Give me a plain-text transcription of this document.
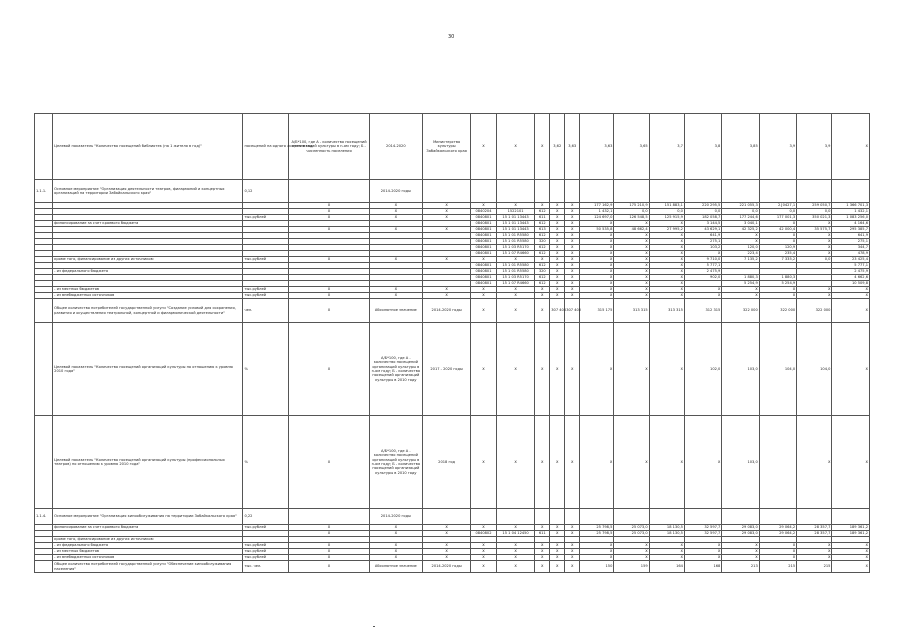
30
	Целевой показатель "Количество посещений библиотек (на 1 жителя в год)"	посещений на одного жителя в год	A/Б*100, где А - количество посещений организаций культуры в n-ом году; Б - численность населения	2014-2020	Министерство культуры Забайкальского края	Х	Х	Х	3,62	3,63	3,63	3,65	3,7	3,8	3,85	3,9	3,9	Х
1.1.1.	Основное мероприятие "Организация деятельности театров, филармоний и концертных организаций на территории Забайкальского края"	0,12		2014-2020 годы														
			Х	Х	Х	Х	Х	Х	Х	Х	177 162,9	175 210,9	151 883,1	220 295,5	221 055,3	2{0427,1	259 050,7	1 366 701,3
			Х	Х	Х	0840204	1522101	612	Х	Х	1 432,1	0,0	0,0	0,0	0,0	0,0	0,0	1 432,1
		тыс.рублей	Х	Х	Х	0840801	15 1 01 13443	611	Х	Х	124 697,0	126 548,5	125 915,9	182 058,7	177 244,6	177 001,3	350 021,3	1 083 256,0
	финансирование за счет краевого бюджета					0840801	15 1 01 13443	612	Х	Х	Х	Х	Х	3 144,5	3 040,1	Х	Х	4 164,6
			Х	Х	Х	0840801	15 1 01 13443	613	Х	Х	50 535,8	48 662,4	27 995,2	43 629,1	42 325,2	42 000,4	35 575,7	295 385,7
						0840801	15 1 01 R5580	612	Х	Х	Х	Х	Х	641,9	Х	Х	Х	641,9
						0840801	15 1 01 R5580	320	Х	Х	Х	Х	Х	275,1	Х	Х	Х	275,1
						0840801	15 1 03 R5170	612	Х	Х	Х	Х	Х	103,2	120,0	120,9	Х	344,7
						0840801	15 1 07 R4660	612	Х	Х	Х	Х	Х	Х	223,4	235,4	Х	478,9
	кроме того, финансирование из других источников:	тыс.рублей	Х	Х	Х	Х	Х	Х	Х	Х	Х	Х	Х	9 710,0	7 135,2	7 335,2	0,0	23 425,4
						0840801	15 1 01 R5580	612	Х	Х	Х	Х	Х	5 777,1				5 777,1
	- из федерального бюджета					0840801	15 1 01 R5580	320	Х	Х	Х	Х	Х	2 475,9				2 475,9
						0840801	15 1 03 R5170	612	Х	Х	Х	Х	Х	902,0	1 880,3	1 880,3		4 662,6
						0840801	15 1 07 R4660	612	Х	Х	Х	Х	Х		5 254,9	5 254,9		10 509,8
	- из местных бюджетов	тыс.рублей	Х	Х	Х	Х	Х	Х	Х	Х	Х	Х	Х	Х	Х	Х	Х	Х
	- из внебюджетных источников	тыс.рублей	Х	Х	Х	Х	Х	Х	Х	Х	Х	Х	Х	Х	Х	Х	Х	Х
	Общее количество потребителей государственной услуги "Создание условий для сохранения, развития и осуществления театральной, концертной и филармонической деятельности"	чел.	Х	Абсолютное значение	2014-2020 годы	Х	Х	Х	307 400	307 400	315 175	313 315	313 315	312 315	322 000	322 000	322 000	Х
	Целевой показатель "Количество посещений организаций культуры по отношению к уровню 2010 года"	%	Х	A/Б*100, где А - количество посещений организаций культуры в n-ом году; Б - количество посещений организаций культуры в 2010 году	2017 - 2020 годы	Х	Х	Х	Х	Х	Х	Х	Х	102,0	103,0	104,0	104,0	Х
	Целевой показатель "Количество посещений организаций культуры (профессиональных театров) по отношению к уровню 2010 года"	%	Х	A/Б*100, где А - количество посещений организаций культуры в n-ом году; Б - количество посещений организаций культуры в 2010 году	2018 год	Х	Х	Х	Х	Х	Х	Х	Х	Х	103,0		Х	Х
1.1.4.	Основное мероприятие "Организация кинообслуживания на территории Забайкальского края"	0,22		2014-2020 годы														
	финансирование за счет краевого бюджета	тыс.рублей	Х	Х	Х	Х	Х	Х	Х	Х	25 798,5	25 073,0	18 130,5	32 597,7	29 083,0	29 064,2	28 357,7	189 361,2
			Х	Х	Х	0840802	15 1 04 12450	611	Х	Х	25 798,5	25 073,0	18 130,5	32 597,7	29 083,0	29 064,2	28 357,7	189 361,2
	кроме того, финансирование из других источников:																	
	- из федерального бюджета	тыс.рублей	Х	Х	Х	Х	Х	Х	Х	Х	Х	Х	Х	Х	Х	Х	Х	Х
	- из местных бюджетов	тыс.рублей	Х	Х	Х	Х	Х	Х	Х	Х	Х	Х	Х	Х	Х	Х	Х	Х
	- из внебюджетных источников	тыс.рублей	Х	Х	Х	Х	Х	Х	Х	Х	Х	Х	Х	Х	Х	Х	Х	Х
	Общее количество потребителей государственной услуги "Обеспечение кинообслуживания населения"	тыс. чел.	Х	Абсолютное значение	2014-2020 годы	Х	Х	Х	Х	Х	150	159	164	168	213	215	215	Х
